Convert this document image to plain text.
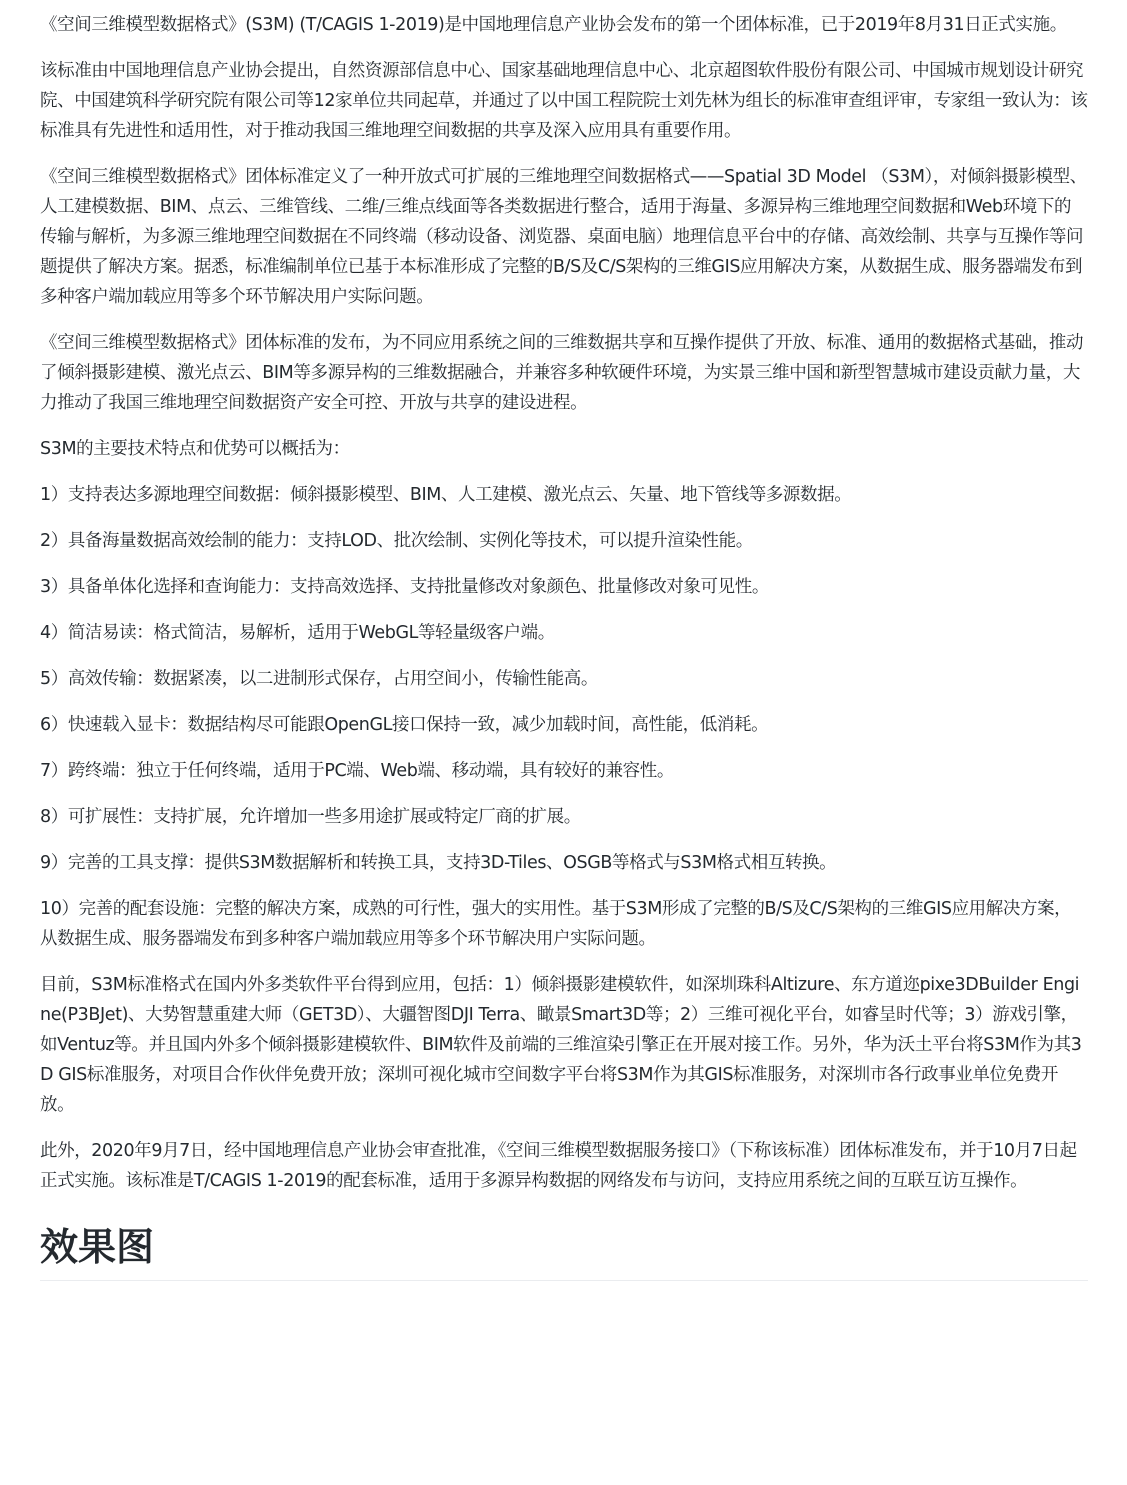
《空间三维模型数据格式》(S3M) (T/CAGIS 1-2019)是中国地理信息产业协会发布的第一个团体标准，已于2019年8月31日正式实施。

该标准由中国地理信息产业协会提出，自然资源部信息中心、国家基础地理信息中心、北京超图软件股份有限公司、中国城市规划设计研究院、中国建筑科学研究院有限公司等12家单位共同起草，并通过了以中国工程院院士刘先林为组长的标准审查组评审，专家组一致认为：该标准具有先进性和适用性，对于推动我国三维地理空间数据的共享及深入应用具有重要作用。

《空间三维模型数据格式》团体标准定义了一种开放式可扩展的三维地理空间数据格式——Spatial 3D Model （S3M），对倾斜摄影模型、人工建模数据、BIM、点云、三维管线、二维/三维点线面等各类数据进行整合，适用于海量、多源异构三维地理空间数据和Web环境下的传输与解析，为多源三维地理空间数据在不同终端（移动设备、浏览器、桌面电脑）地理信息平台中的存储、高效绘制、共享与互操作等问题提供了解决方案。据悉，标准编制单位已基于本标准形成了完整的B/S及C/S架构的三维GIS应用解决方案，从数据生成、服务器端发布到多种客户端加载应用等多个环节解决用户实际问题。

《空间三维模型数据格式》团体标准的发布，为不同应用系统之间的三维数据共享和互操作提供了开放、标准、通用的数据格式基础，推动了倾斜摄影建模、激光点云、BIM等多源异构的三维数据融合，并兼容多种软硬件环境，为实景三维中国和新型智慧城市建设贡献力量，大力推动了我国三维地理空间数据资产安全可控、开放与共享的建设进程。

S3M的主要技术特点和优势可以概括为：

1）支持表达多源地理空间数据：倾斜摄影模型、BIM、人工建模、激光点云、矢量、地下管线等多源数据。

2）具备海量数据高效绘制的能力：支持LOD、批次绘制、实例化等技术，可以提升渲染性能。

3）具备单体化选择和查询能力：支持高效选择、支持批量修改对象颜色、批量修改对象可见性。

4）简洁易读：格式简洁，易解析，适用于WebGL等轻量级客户端。

5）高效传输：数据紧凑，以二进制形式保存，占用空间小，传输性能高。

6）快速载入显卡：数据结构尽可能跟OpenGL接口保持一致，减少加载时间，高性能，低消耗。

7）跨终端：独立于任何终端，适用于PC端、Web端、移动端，具有较好的兼容性。

8）可扩展性：支持扩展，允许增加一些多用途扩展或特定厂商的扩展。

9）完善的工具支撑：提供S3M数据解析和转换工具，支持3D-Tiles、OSGB等格式与S3M格式相互转换。

10）完善的配套设施：完整的解决方案，成熟的可行性，强大的实用性。基于S3M形成了完整的B/S及C/S架构的三维GIS应用解决方案，从数据生成、服务器端发布到多种客户端加载应用等多个环节解决用户实际问题。

目前，S3M标准格式在国内外多类软件平台得到应用，包括：1）倾斜摄影建模软件，如深圳珠科Altizure、东方道迩pixe3DBuilder Engine(P3BJet)、大势智慧重建大师（GET3D）、大疆智图DJI Terra、瞰景Smart3D等；2）三维可视化平台，如睿呈时代等；3）游戏引擎，如Ventuz等。并且国内外多个倾斜摄影建模软件、BIM软件及前端的三维渲染引擎正在开展对接工作。另外，华为沃土平台将S3M作为其3D GIS标准服务，对项目合作伙伴免费开放；深圳可视化城市空间数字平台将S3M作为其GIS标准服务，对深圳市各行政事业单位免费开放。

此外，2020年9月7日，经中国地理信息产业协会审查批准，《空间三维模型数据服务接口》（下称该标准）团体标准发布，并于10月7日起正式实施。该标准是T/CAGIS 1-2019的配套标准，适用于多源异构数据的网络发布与访问，支持应用系统之间的互联互访互操作。

效果图
